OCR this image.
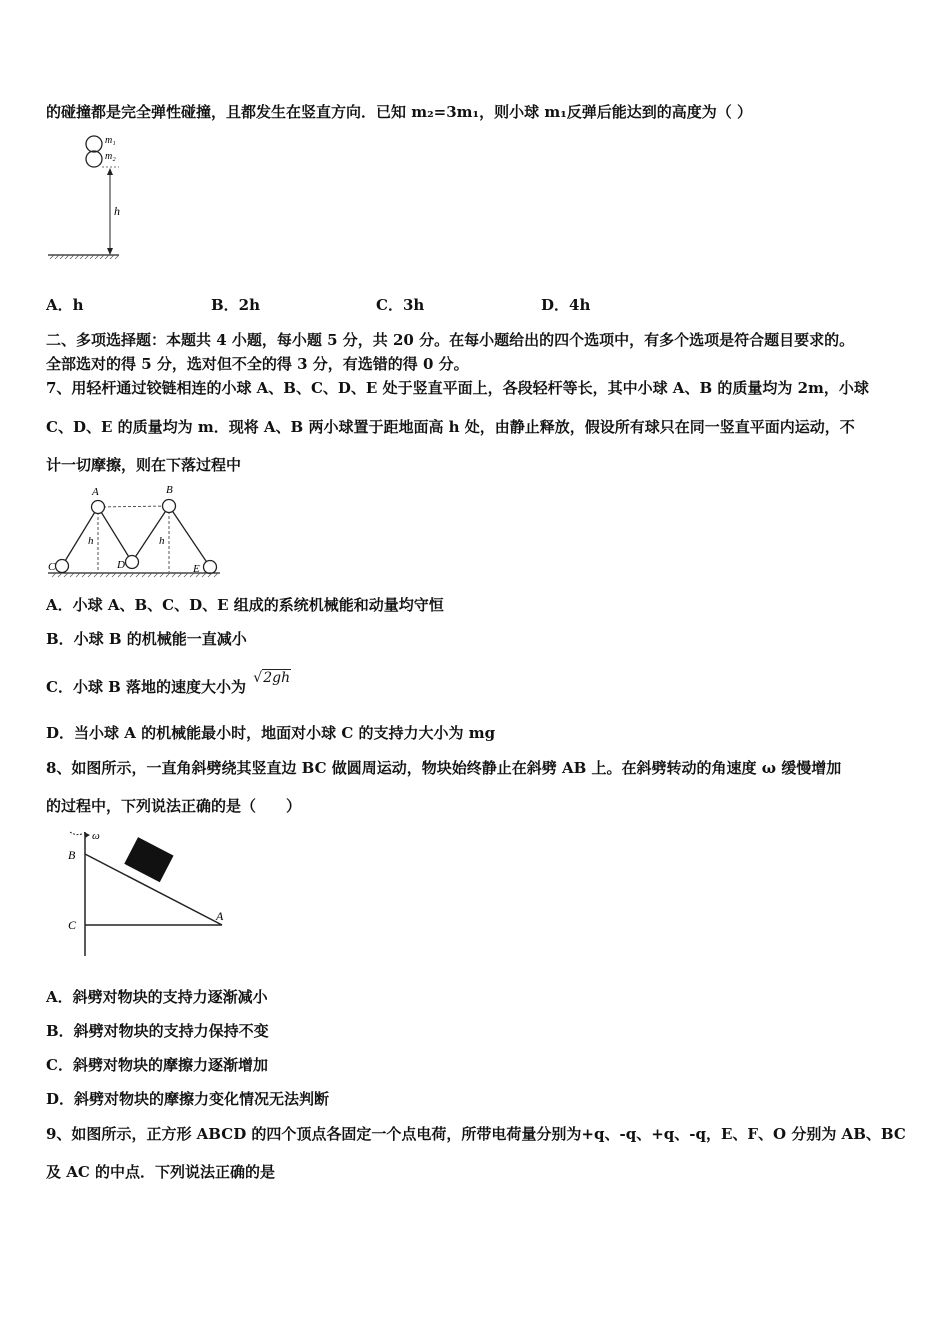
的碰撞都是完全弹性碰撞，且都发生在竖直方向．已知 m₂=3m₁，则小球 m₁反弹后能达到的高度为（ ）
m₁
m₂
h
A．h	B．2h	C．3h	D．4h
二、多项选择题：本题共 4 小题，每小题 5 分，共 20 分。在每小题给出的四个选项中，有多个选项是符合题目要求的。
全部选对的得 5 分，选对但不全的得 3 分，有选错的得 0 分。
7、用轻杆通过铰链相连的小球 A、B、C、D、E 处于竖直平面上，各段轻杆等长，其中小球 A、B 的质量均为 2m，小球
C、D、E 的质量均为 m．现将 A、B 两小球置于距地面高 h 处，由静止释放，假设所有球只在同一竖直平面内运动，不
计一切摩擦，则在下落过程中
A	B
C	D	E
h	h
A．小球 A、B、C、D、E 组成的系统机械能和动量均守恒
B．小球 B 的机械能一直减小
C．小球 B 落地的速度大小为 √2gh
D．当小球 A 的机械能最小时，地面对小球 C 的支持力大小为 mg
8、如图所示，一直角斜劈绕其竖直边 BC 做圆周运动，物块始终静止在斜劈 AB 上。在斜劈转动的角速度 ω 缓慢增加
的过程中，下列说法正确的是（　　）
ω
B
C
A
A．斜劈对物块的支持力逐渐减小
B．斜劈对物块的支持力保持不变
C．斜劈对物块的摩擦力逐渐增加
D．斜劈对物块的摩擦力变化情况无法判断
9、如图所示，正方形 ABCD 的四个顶点各固定一个点电荷，所带电荷量分别为+q、-q、+q、-q，E、F、O 分别为 AB、BC
及 AC 的中点．下列说法正确的是
